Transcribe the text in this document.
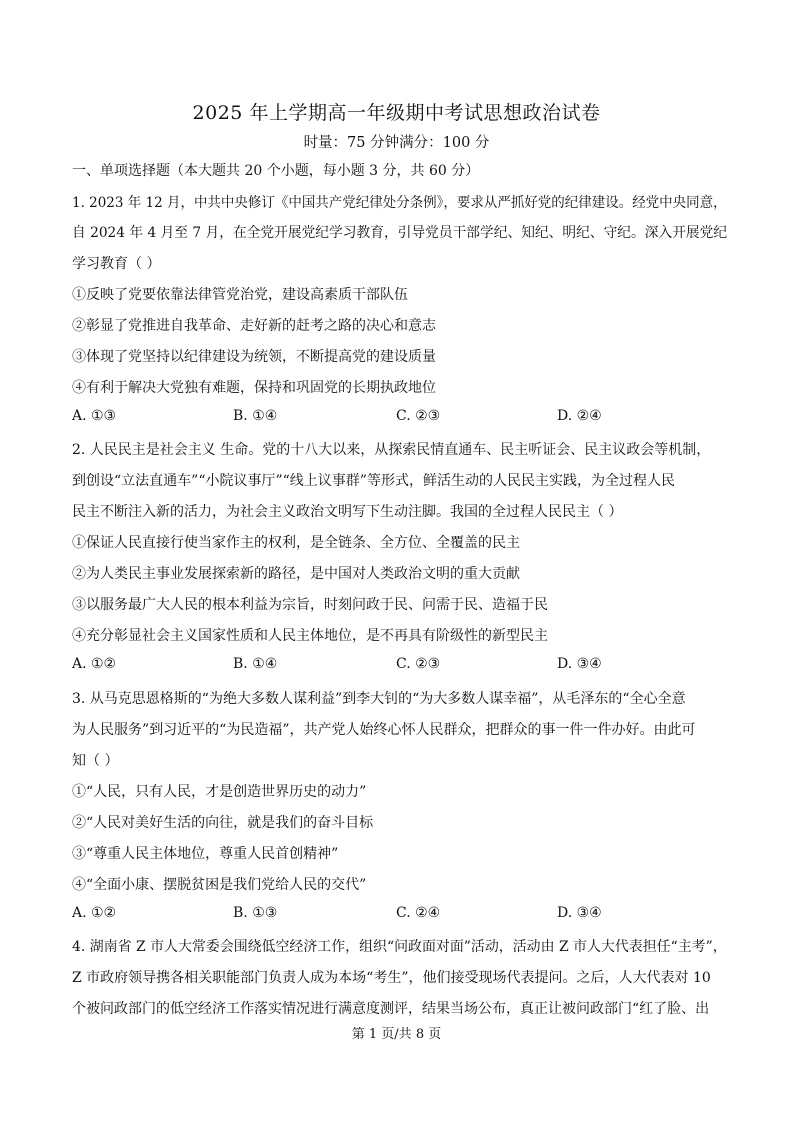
2025 年上学期高一年级期中考试思想政治试卷
时量：75 分钟满分：100 分
一、单项选择题（本大题共 20 个小题，每小题 3 分，共 60 分）
1. 2023 年 12 月，中共中央修订《中国共产党纪律处分条例》，要求从严抓好党的纪律建设。经党中央同意，
自 2024 年 4 月至 7 月，在全党开展党纪学习教育，引导党员干部学纪、知纪、明纪、守纪。深入开展党纪
学习教育（ ）
①反映了党要依靠法律管党治党，建设高素质干部队伍
②彰显了党推进自我革命、走好新的赶考之路的决心和意志
③体现了党坚持以纪律建设为统领，不断提高党的建设质量
④有利于解决大党独有难题，保持和巩固党的长期执政地位
A. ①③	B. ①④	C. ②③	D. ②④
2. 人民民主是社会主义 生命。党的十八大以来，从探索民情直通车、民主听证会、民主议政会等机制，
到创设“立法直通车”“小院议事厅”“线上议事群”等形式，鲜活生动的人民民主实践，为全过程人民
民主不断注入新的活力，为社会主义政治文明写下生动注脚。我国的全过程人民民主（ ）
①保证人民直接行使当家作主的权利，是全链条、全方位、全覆盖的民主
②为人类民主事业发展探索新的路径，是中国对人类政治文明的重大贡献
③以服务最广大人民的根本利益为宗旨，时刻问政于民、问需于民、造福于民
④充分彰显社会主义国家性质和人民主体地位，是不再具有阶级性的新型民主
A. ①②	B. ①④	C. ②③	D. ③④
3. 从马克思恩格斯的“为绝大多数人谋利益”到李大钊的“为大多数人谋幸福”，从毛泽东的“全心全意
为人民服务”到习近平的“为民造福”，共产党人始终心怀人民群众，把群众的事一件一件办好。由此可
知（ ）
①“人民，只有人民，才是创造世界历史的动力”
②“人民对美好生活的向往，就是我们的奋斗目标
③“尊重人民主体地位，尊重人民首创精神”
④“全面小康、摆脱贫困是我们党给人民的交代”
A. ①②	B. ①③	C. ②④	D. ③④
4. 湖南省 Z 市人大常委会围绕低空经济工作，组织“问政面对面”活动，活动由 Z 市人大代表担任“主考”，
Z 市政府领导携各相关职能部门负责人成为本场“考生”，他们接受现场代表提问。之后，人大代表对 10
个被问政部门的低空经济工作落实情况进行满意度测评，结果当场公布，真正让被问政部门“红了脸、出
第 1 页/共 8 页
